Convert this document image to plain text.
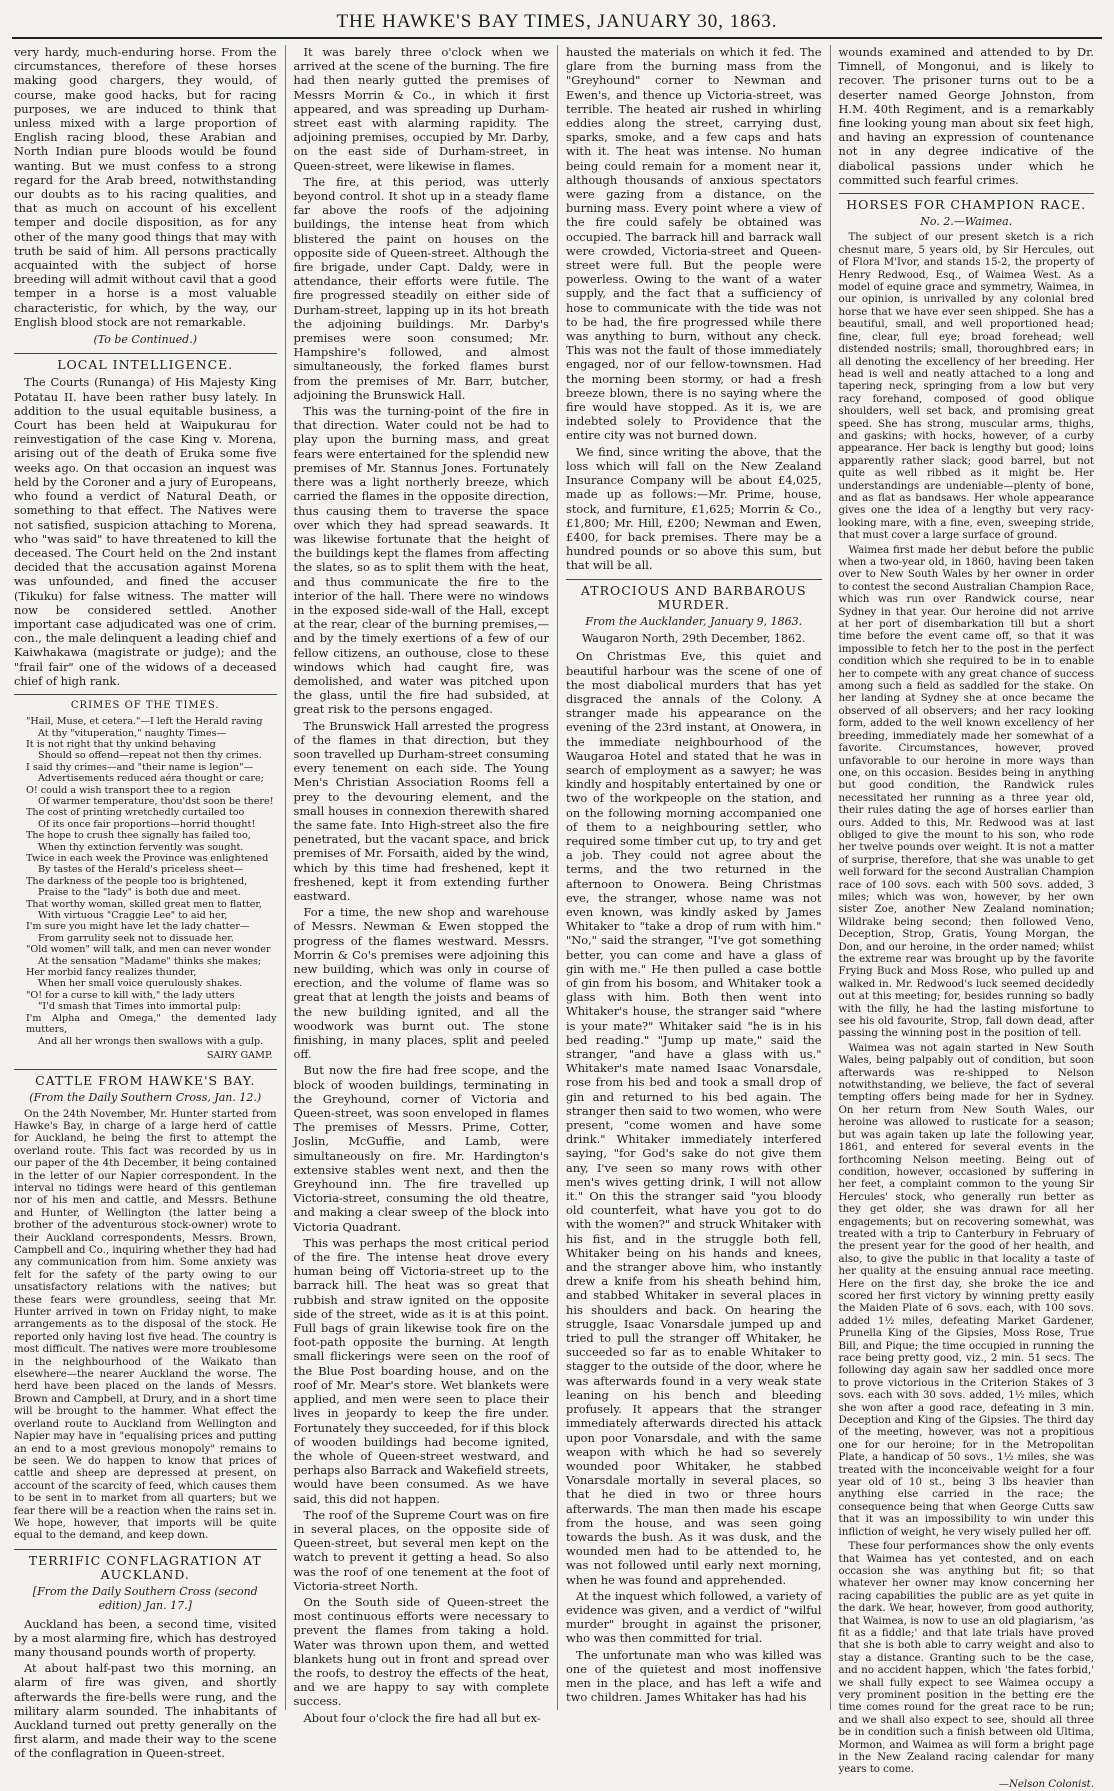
THE HAWKE'S BAY TIMES, JANUARY 30, 1863.

very hardy, much-enduring horse. From the circumstances, therefore of these horses making good chargers, they would, of course, make good hacks, but for racing purposes, we are induced to think that unless mixed with a large proportion of English racing blood, these Arabian and North Indian pure bloods would be found wanting. But we must confess to a strong regard for the Arab breed, notwithstanding our doubts as to his racing qualities, and that as much on account of his excellent temper and docile disposition, as for any other of the many good things that may with truth be said of him. All persons practically acquainted with the subject of horse breeding will admit without cavil that a good temper in a horse is a most valuable characteristic, for which, by the way, our English blood stock are not remarkable.

(To be Continued.)
LOCAL INTELLIGENCE.

The Courts (Runanga) of His Majesty King Potatau II. have been rather busy lately. In addition to the usual equitable business, a Court has been held at Waipukurau for reinvestigation of the case King v. Morena, arising out of the death of Eruka some five weeks ago. On that occasion an inquest was held by the Coroner and a jury of Europeans, who found a verdict of Natural Death, or something to that effect. The Natives were not satisfied, suspicion attaching to Morena, who "was said" to have threatened to kill the deceased. The Court held on the 2nd instant decided that the accusation against Morena was unfounded, and fined the accuser (Tikuku) for false witness. The matter will now be considered settled. Another important case adjudicated was one of crim. con., the male delinquent a leading chief and Kaiwhakawa (magistrate or judge); and the "frail fair" one of the widows of a deceased chief of high rank.

CRIMES OF THE TIMES.
"Hail, Muse, et cetera."—I left the Herald raving
At thy "vituperation," naughty Times—
It is not right that thy unkind behaving
Should so offend—repeat not then thy crimes.
I said thy crimes—and "their name is legion"—
Advertisements reduced aéra thought or care;
O! could a wish transport thee to a region
Of warmer temperature, thou'dst soon be there!
The cost of printing wretchedly curtailed too
Of its once fair proportions—horrid thought!
The hope to crush thee signally has failed too,
When thy extinction fervently was sought.
Twice in each week the Province was enlightened
By tastes of the Herald's priceless sheet—
The darkness of the people too is brightened,
Praise to the "lady" is both due and meet.
That worthy woman, skilled great men to flatter,
With virtuous "Craggie Lee" to aid her,
I'm sure you might have let the lady chatter—
From garrulity seek not to dissuade her.
"Old women" will talk, and men can never wonder
At the sensation "Madame" thinks she makes;
Her morbid fancy realizes thunder,
When her small voice querulously shakes.
"O! for a curse to kill with," the lady utters
"I'd smash that Times into immortal pulp:
I'm Alpha and Omega," the demented lady mutters,
And all her wrongs then swallows with a gulp.
SAIRY GAMP.
CATTLE FROM HAWKE'S BAY.
(From the Daily Southern Cross, Jan. 12.)

On the 24th November, Mr. Hunter started from Hawke's Bay, in charge of a large herd of cattle for Auckland, he being the first to attempt the overland route. This fact was recorded by us in our paper of the 4th December, it being contained in the letter of our Napier correspondent. In the interval no tidings were heard of this gentleman nor of his men and cattle, and Messrs. Bethune and Hunter, of Wellington (the latter being a brother of the adventurous stock-owner) wrote to their Auckland correspondents, Messrs. Brown, Campbell and Co., inquiring whether they had had any communication from him. Some anxiety was felt for the safety of the party owing to our unsatisfactory relations with the natives; but these fears were groundless, seeing that Mr. Hunter arrived in town on Friday night, to make arrangements as to the disposal of the stock. He reported only having lost five head. The country is most difficult. The natives were more troublesome in the neighbourhood of the Waikato than elsewhere—the nearer Auckland the worse. The herd have been placed on the lands of Messrs. Brown and Campbell, at Drury, and in a short time will be brought to the hammer. What effect the overland route to Auckland from Wellington and Napier may have in "equalising prices and putting an end to a most grevious monopoly" remains to be seen. We do happen to know that prices of cattle and sheep are depressed at present, on account of the scarcity of feed, which causes them to be sent in to market from all quarters; but we fear there will be a reaction when the rains set in. We hope, however, that imports will be quite equal to the demand, and keep down.

TERRIFIC CONFLAGRATION AT AUCKLAND.
[From the Daily Southern Cross (second edition) Jan. 17.]

Auckland has been, a second time, visited by a most alarming fire, which has destroyed many thousand pounds worth of property.

At about half-past two this morning, an alarm of fire was given, and shortly afterwards the fire-bells were rung, and the military alarm sounded. The inhabitants of Auckland turned out pretty generally on the first alarm, and made their way to the scene of the conflagration in Queen-street.

It was barely three o'clock when we arrived at the scene of the burning. The fire had then nearly gutted the premises of Messrs Morrin & Co., in which it first appeared, and was spreading up Durham-street east with alarming rapidity. The adjoining premises, occupied by Mr. Darby, on the east side of Durham-street, in Queen-street, were likewise in flames.

The fire, at this period, was utterly beyond control. It shot up in a steady flame far above the roofs of the adjoining buildings, the intense heat from which blistered the paint on houses on the opposite side of Queen-street. Although the fire brigade, under Capt. Daldy, were in attendance, their efforts were futile. The fire progressed steadily on either side of Durham-street, lapping up in its hot breath the adjoining buildings. Mr. Darby's premises were soon consumed; Mr. Hampshire's followed, and almost simultaneously, the forked flames burst from the premises of Mr. Barr, butcher, adjoining the Brunswick Hall.

This was the turning-point of the fire in that direction. Water could not be had to play upon the burning mass, and great fears were entertained for the splendid new premises of Mr. Stannus Jones. Fortunately there was a light northerly breeze, which carried the flames in the opposite direction, thus causing them to traverse the space over which they had spread seawards. It was likewise fortunate that the height of the buildings kept the flames from affecting the slates, so as to split them with the heat, and thus communicate the fire to the interior of the hall. There were no windows in the exposed side-wall of the Hall, except at the rear, clear of the burning premises,—and by the timely exertions of a few of our fellow citizens, an outhouse, close to these windows which had caught fire, was demolished, and water was pitched upon the glass, until the fire had subsided, at great risk to the persons engaged.

The Brunswick Hall arrested the progress of the flames in that direction, but they soon travelled up Durham-street consuming every tenement on each side. The Young Men's Christian Association Rooms fell a prey to the devouring element, and the small houses in connexion therewith shared the same fate. Into High-street also the fire penetrated, but the vacant space, and brick premises of Mr. Forsaith, aided by the wind, which by this time had freshened, kept it freshened, kept it from extending further eastward.

For a time, the new shop and warehouse of Messrs. Newman & Ewen stopped the progress of the flames westward. Messrs. Morrin & Co's premises were adjoining this new building, which was only in course of erection, and the volume of flame was so great that at length the joists and beams of the new building ignited, and all the woodwork was burnt out. The stone finishing, in many places, split and peeled off.

But now the fire had free scope, and the block of wooden buildings, terminating in the Greyhound, corner of Victoria and Queen-street, was soon enveloped in flames The premises of Messrs. Prime, Cotter, Joslin, McGuffie, and Lamb, were simultaneously on fire. Mr. Hardington's extensive stables went next, and then the Greyhound inn. The fire travelled up Victoria-street, consuming the old theatre, and making a clear sweep of the block into Victoria Quadrant.

This was perhaps the most critical period of the fire. The intense heat drove every human being off Victoria-street up to the barrack hill. The heat was so great that rubbish and straw ignited on the opposite side of the street, wide as it is at this point. Full bags of grain likewise took fire on the foot-path opposite the burning. At length small flickerings were seen on the roof of the Blue Post boarding house, and on the roof of Mr. Mear's store. Wet blankets were applied, and men were seen to place their lives in jeopardy to keep the fire under. Fortunately they succeeded, for if this block of wooden buildings had become ignited, the whole of Queen-street westward, and perhaps also Barrack and Wakefield streets, would have been consumed. As we have said, this did not happen.

The roof of the Supreme Court was on fire in several places, on the opposite side of Queen-street, but several men kept on the watch to prevent it getting a head. So also was the roof of one tenement at the foot of Victoria-street North.

On the South side of Queen-street the most continuous efforts were necessary to prevent the flames from taking a hold. Water was thrown upon them, and wetted blankets hung out in front and spread over the roofs, to destroy the effects of the heat, and we are happy to say with complete success.

About four o'clock the fire had all but ex-

hausted the materials on which it fed. The glare from the burning mass from the "Greyhound" corner to Newman and Ewen's, and thence up Victoria-street, was terrible. The heated air rushed in whirling eddies along the street, carrying dust, sparks, smoke, and a few caps and hats with it. The heat was intense. No human being could remain for a moment near it, although thousands of anxious spectators were gazing from a distance, on the burning mass. Every point where a view of the fire could safely be obtained was occupied. The barrack hill and barrack wall were crowded, Victoria-street and Queen-street were full. But the people were powerless. Owing to the want of a water supply, and the fact that a sufficiency of hose to communicate with the tide was not to be had, the fire progressed while there was anything to burn, without any check. This was not the fault of those immediately engaged, nor of our fellow-townsmen. Had the morning been stormy, or had a fresh breeze blown, there is no saying where the fire would have stopped. As it is, we are indebted solely to Providence that the entire city was not burned down.

We find, since writing the above, that the loss which will fall on the New Zealand Insurance Company will be about £4,025, made up as follows:—Mr. Prime, house, stock, and furniture, £1,625; Morrin & Co., £1,800; Mr. Hill, £200; Newman and Ewen, £400, for back premises. There may be a hundred pounds or so above this sum, but that will be all.

ATROCIOUS AND BARBAROUS MURDER.
From the Aucklander, January 9, 1863.
Waugaron North, 29th December, 1862.

On Christmas Eve, this quiet and beautiful harbour was the scene of one of the most diabolical murders that has yet disgraced the annals of the Colony. A stranger made his appearance on the evening of the 23rd instant, at Onowera, in the immediate neighbourhood of the Waugaroa Hotel and stated that he was in search of employment as a sawyer; he was kindly and hospitably entertained by one or two of the workpeople on the station, and on the following morning accompanied one of them to a neighbouring settler, who required some timber cut up, to try and get a job. They could not agree about the terms, and the two returned in the afternoon to Onowera. Being Christmas eve, the stranger, whose name was not even known, was kindly asked by James Whitaker to "take a drop of rum with him." "No," said the stranger, "I've got something better, you can come and have a glass of gin with me." He then pulled a case bottle of gin from his bosom, and Whitaker took a glass with him. Both then went into Whitaker's house, the stranger said "where is your mate?" Whitaker said "he is in his bed reading." "Jump up mate," said the stranger, "and have a glass with us." Whitaker's mate named Isaac Vonarsdale, rose from his bed and took a small drop of gin and returned to his bed again. The stranger then said to two women, who were present, "come women and have some drink." Whitaker immediately interfered saying, "for God's sake do not give them any, I've seen so many rows with other men's wives getting drink, I will not allow it." On this the stranger said "you bloody old counterfeit, what have you got to do with the women?" and struck Whitaker with his fist, and in the struggle both fell, Whitaker being on his hands and knees, and the stranger above him, who instantly drew a knife from his sheath behind him, and stabbed Whitaker in several places in his shoulders and back. On hearing the struggle, Isaac Vonarsdale jumped up and tried to pull the stranger off Whitaker, he succeeded so far as to enable Whitaker to stagger to the outside of the door, where he was afterwards found in a very weak state leaning on his bench and bleeding profusely. It appears that the stranger immediately afterwards directed his attack upon poor Vonarsdale, and with the same weapon with which he had so severely wounded poor Whitaker, he stabbed Vonarsdale mortally in several places, so that he died in two or three hours afterwards. The man then made his escape from the house, and was seen going towards the bush. As it was dusk, and the wounded men had to be attended to, he was not followed until early next morning, when he was found and apprehended.

At the inquest which followed, a variety of evidence was given, and a verdict of "wilful murder" brought in against the prisoner, who was then committed for trial.

The unfortunate man who was killed was one of the quietest and most inoffensive men in the place, and has left a wife and two children. James Whitaker has had his

wounds examined and attended to by Dr. Timnell, of Mongonui, and is likely to recover. The prisoner turns out to be a deserter named George Johnston, from H.M. 40th Regiment, and is a remarkably fine looking young man about six feet high, and having an expression of countenance not in any degree indicative of the diabolical passions under which he committed such fearful crimes.

HORSES FOR CHAMPION RACE.
No. 2.—Waimea.

The subject of our present sketch is a rich chesnut mare, 5 years old, by Sir Hercules, out of Flora M'Ivor, and stands 15-2, the property of Henry Redwood, Esq., of Waimea West. As a model of equine grace and symmetry, Waimea, in our opinion, is unrivalled by any colonial bred horse that we have ever seen shipped. She has a beautiful, small, and well proportioned head; fine, clear, full eye; broad forehead; well distended nostrils; small, thoroughbred ears; in all denoting the excellency of her breeding. Her head is well and neatly attached to a long and tapering neck, springing from a low but very racy forehand, composed of good oblique shoulders, well set back, and promising great speed. She has strong, muscular arms, thighs, and gaskins; with hocks, however, of a curby appearance. Her back is lengthy but good; loins apparently rather slack; good barrel, but not quite as well ribbed as it might be. Her understandings are undeniable—plenty of bone, and as flat as bandsaws. Her whole appearance gives one the idea of a lengthy but very racy-looking mare, with a fine, even, sweeping stride, that must cover a large surface of ground.

Waimea first made her debut before the public when a two-year old, in 1860, having been taken over to New South Wales by her owner in order to contest the second Australian Champion Race, which was run over Randwick course, near Sydney in that year. Our heroine did not arrive at her port of disembarkation till but a short time before the event came off, so that it was impossible to fetch her to the post in the perfect condition which she required to be in to enable her to compete with any great chance of success among such a field as saddled for the stake. On her landing at Sydney she at once became the observed of all observers; and her racy looking form, added to the well known excellency of her breeding, immediately made her somewhat of a favorite. Circumstances, however, proved unfavorable to our heroine in more ways than one, on this occasion. Besides being in anything but good condition, the Randwick rules necessitated her running as a three year old, their rules dating the age of horses earlier than ours. Added to this, Mr. Redwood was at last obliged to give the mount to his son, who rode her twelve pounds over weight. It is not a matter of surprise, therefore, that she was unable to get well forward for the second Australian Champion race of 100 sovs. each with 500 sovs. added, 3 miles; which was won, however, by her own sister Zoe, another New Zealand nomination; Wildrake being second; then followed Veno, Deception, Strop, Gratis, Young Morgan, the Don, and our heroine, in the order named; whilst the extreme rear was brought up by the favorite Frying Buck and Moss Rose, who pulled up and walked in. Mr. Redwood's luck seemed decidedly out at this meeting; for, besides running so badly with the filly, he had the lasting misfortune to see his old favourite, Strop, fall down dead, after passing the winning post in the position of tell.

Waimea was not again started in New South Wales, being palpably out of condition, but soon afterwards was re-shipped to Nelson notwithstanding, we believe, the fact of several tempting offers being made for her in Sydney. On her return from New South Wales, our heroine was allowed to rusticate for a season; but was again taken up late the following year, 1861, and entered for several events in the forthcoming Nelson meeting. Being out of condition, however, occasioned by suffering in her feet, a complaint common to the young Sir Hercules' stock, who generally run better as they get older, she was drawn for all her engagements; but on recovering somewhat, was treated with a trip to Canterbury in February of the present year for the good of her health, and also, to give the public in that locality a taste of her quality at the ensuing annual race meeting. Here on the first day, she broke the ice and scored her first victory by winning pretty easily the Maiden Plate of 6 sovs. each, with 100 sovs. added 1½ miles, defeating Market Gardener, Prunella King of the Gipsies, Moss Rose, True Bill, and Pique; the time occupied in running the race being pretty good, viz., 2 min. 51 secs. The following day again saw her saddled once more to prove victorious in the Criterion Stakes of 3 sovs. each with 30 sovs. added, 1½ miles, which she won after a good race, defeating in 3 min. Deception and King of the Gipsies. The third day of the meeting, however, was not a propitious one for our heroine; for in the Metropolitan Plate, a handicap of 50 sovs., 1½ miles, she was treated with the inconceivable weight for a four year old of 10 st., being 3 lbs heavier than anything else carried in the race; the consequence being that when George Cutts saw that it was an impossibility to win under this infliction of weight, he very wisely pulled her off.

These four performances show the only events that Waimea has yet contested, and on each occasion she was anything but fit; so that whatever her owner may know concerning her racing capabilities the public are as yet quite in the dark. We hear, however, from good authority, that Waimea, is now to use an old plagiarism, 'as fit as a fiddle;' and that late trials have proved that she is both able to carry weight and also to stay a distance. Granting such to be the case, and no accident happen, which 'the fates forbid,' we shall fully expect to see Waimea occupy a very prominent position in the betting ere the time comes round for the great race to be run; and we shall also expect to see, should all three be in condition such a finish between old Ultima, Mormon, and Waimea as will form a bright page in the New Zealand racing calendar for many years to come.

—Nelson Colonist.
